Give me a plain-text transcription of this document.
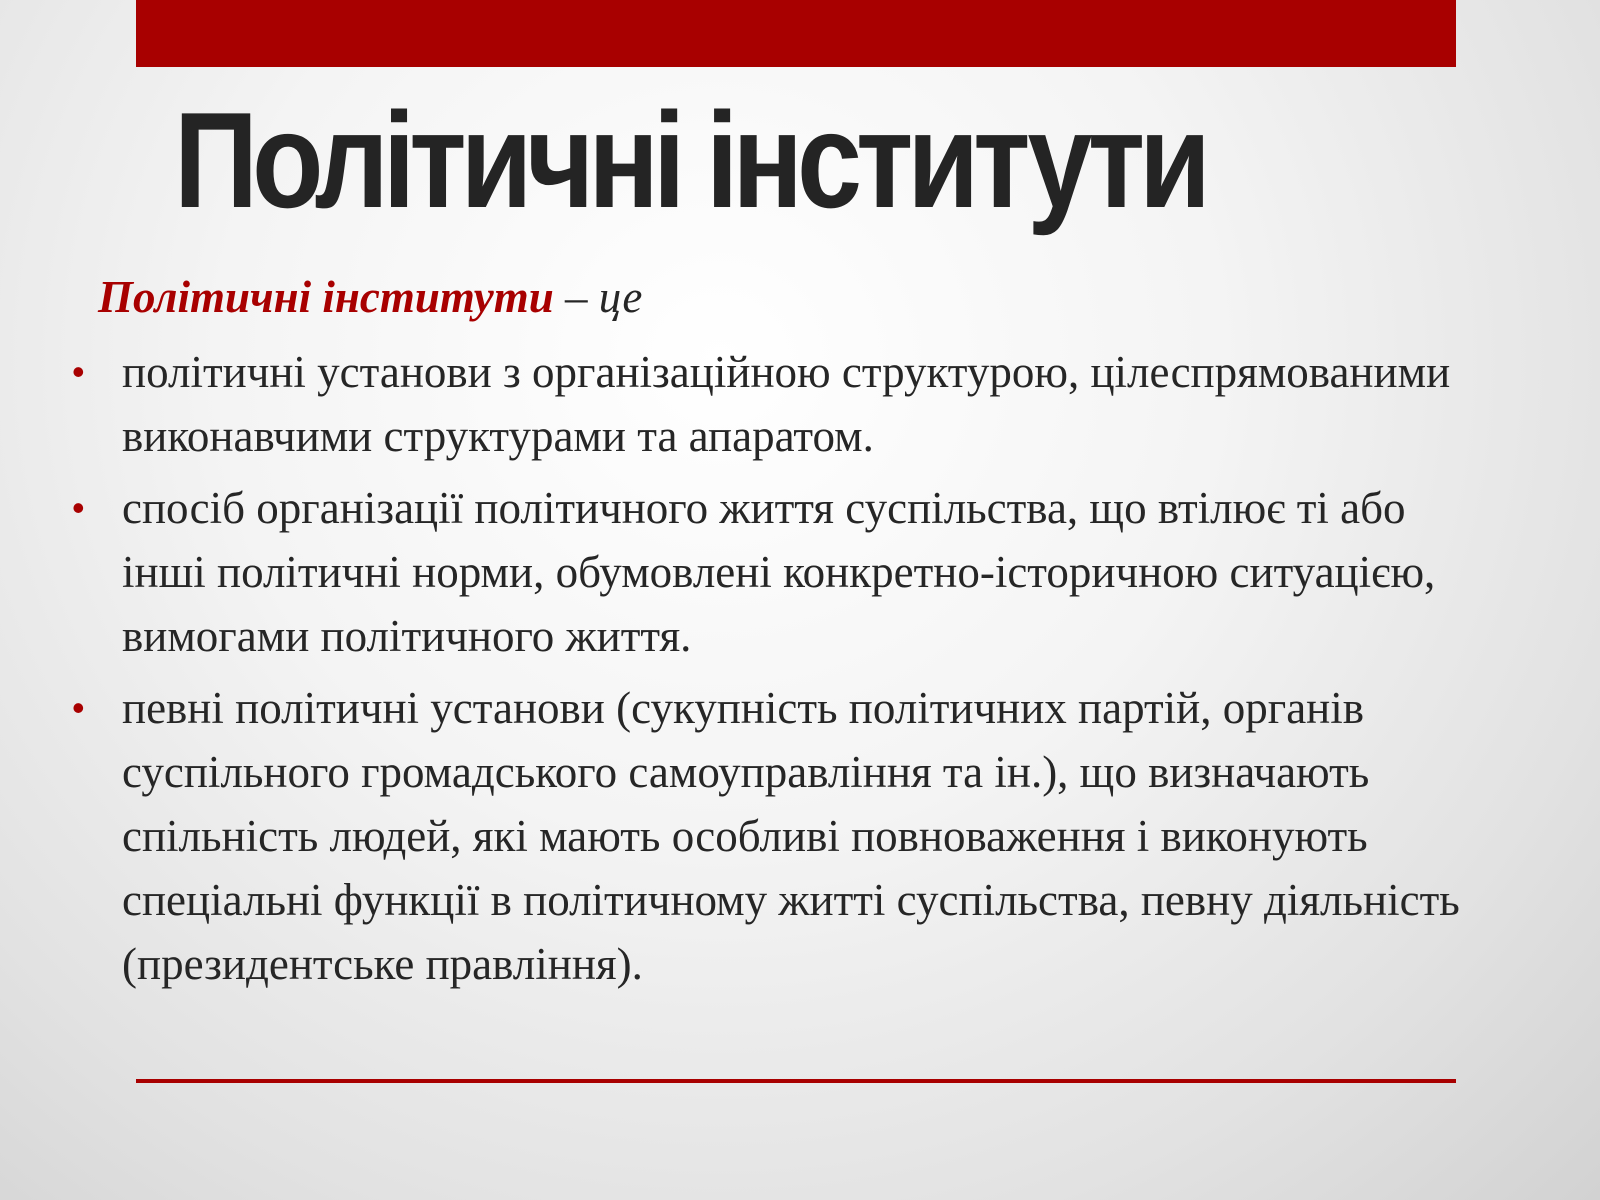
Політичні інститути
Політичні інститути – це
• політичні установи з організаційною структурою, цілеспрямованими виконавчими структурами та апаратом.
• спосіб організації політичного життя суспільства, що втілює ті або інші політичні норми, обумовлені конкретно-історичною ситуацією, вимогами політичного життя.
• певні політичні установи (сукупність політичних партій, органів суспільного громадського самоуправління та ін.), що визначають спільність людей, які мають особливі повноваження і виконують спеціальні функції в політичному житті суспільства, певну діяльність (президентське правління).
